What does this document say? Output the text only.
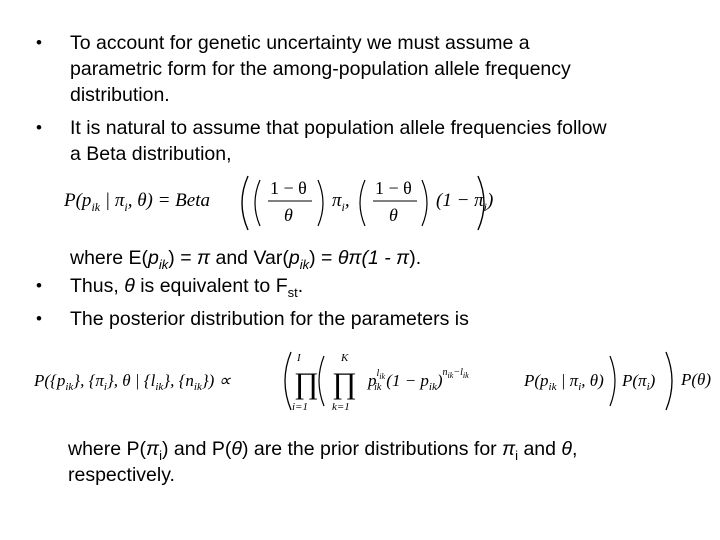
• To account for genetic uncertainty we must assume a
parametric form for the among-population allele frequency
distribution.
• It is natural to assume that population allele frequencies follow
a Beta distribution,
$P(p_{ik}$ | $\pi_i$, θ) = Beta
1 − θ
θ
$\pi_i$,
1 − θ
θ
$(1 - \pi_i)$
where $E(p_{ik}) = \pi$ and $Var(p_{ik}) = \theta\pi(1 - \pi)$.
• Thus, θ is equivalent to $F_{st}$.
• The posterior distribution for the parameters is
$P(\{p_{ik}\}$, $\{\pi_i\}$, θ | $\{l_{ik}\}$, $\{n_{ik}\}$) ∝
I
∏
i=1
K
∏
k=1
$p^lik$ ik $(1 - p_{ik})^nik-lik$	$P(p_{ik}$ | $\pi_i$, θ) $P(\pi_i)$ P(θ)
where $P(\pi_i)$ and P(θ) are the prior distributions for $\pi_i$ and θ,
respectively.
